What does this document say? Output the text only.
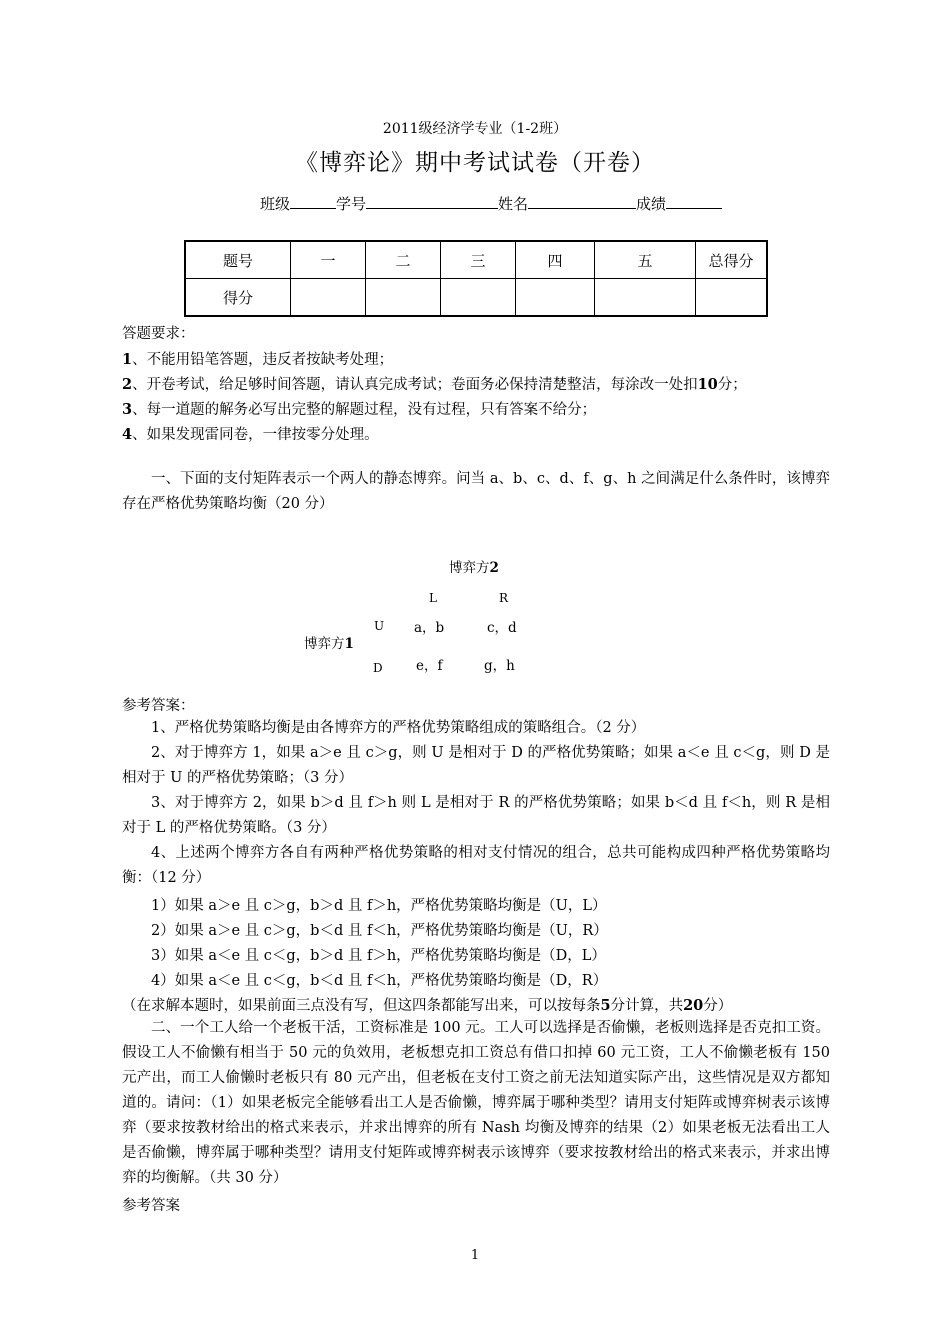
2011级经济学专业（1-2班）
《博弈论》期中考试试卷（开卷）
班级	学号	姓名	成绩
题号	一	二	三	四	五	总得分
得分						
答题要求：
1、不能用铅笔答题，违反者按缺考处理；
2、开卷考试，给足够时间答题，请认真完成考试；卷面务必保持清楚整洁，每涂改一处扣10分；
3、每一道题的解务必写出完整的解题过程，没有过程，只有答案不给分；
4、如果发现雷同卷，一律按零分处理。
一、下面的支付矩阵表示一个两人的静态博弈。问当 a、b、c、d、f、g、h 之间满足什么条件时，该博弈存在严格优势策略均衡（20 分）
博弈方2
L	R
U a，b	c，d
博弈方1
D e，f	g，h
参考答案：
1、严格优势策略均衡是由各博弈方的严格优势策略组成的策略组合。（2 分）
2、对于博弈方 1，如果 a＞e 且 c＞g，则 U 是相对于 D 的严格优势策略；如果 a＜e 且 c＜g，则 D 是相对于 U 的严格优势策略；（3 分）
3、对于博弈方 2，如果 b＞d 且 f＞h 则 L 是相对于 R 的严格优势策略；如果 b＜d 且 f＜h，则 R 是相对于 L 的严格优势策略。（3 分）
4、上述两个博弈方各自有两种严格优势策略的相对支付情况的组合，总共可能构成四种严格优势策略均衡：（12 分）
1）如果 a＞e 且 c＞g，b＞d 且 f＞h，严格优势策略均衡是（U，L）
2）如果 a＞e 且 c＞g，b＜d 且 f＜h，严格优势策略均衡是（U，R）
3）如果 a＜e 且 c＜g，b＞d 且 f＞h，严格优势策略均衡是（D，L）
4）如果 a＜e 且 c＜g，b＜d 且 f＜h，严格优势策略均衡是（D，R）
（在求解本题时，如果前面三点没有写，但这四条都能写出来，可以按每条5分计算，共20分）
二、一个工人给一个老板干活，工资标准是 100 元。工人可以选择是否偷懒，老板则选择是否克扣工资。假设工人不偷懒有相当于 50 元的负效用，老板想克扣工资总有借口扣掉 60 元工资，工人不偷懒老板有 150 元产出，而工人偷懒时老板只有 80 元产出，但老板在支付工资之前无法知道实际产出，这些情况是双方都知道的。请问：（1）如果老板完全能够看出工人是否偷懒，博弈属于哪种类型？请用支付矩阵或博弈树表示该博弈（要求按教材给出的格式来表示，并求出博弈的所有 Nash 均衡及博弈的结果（2）如果老板无法看出工人是否偷懒，博弈属于哪种类型？请用支付矩阵或博弈树表示该博弈（要求按教材给出的格式来表示，并求出博弈的均衡解。（共 30 分）
参考答案
1
